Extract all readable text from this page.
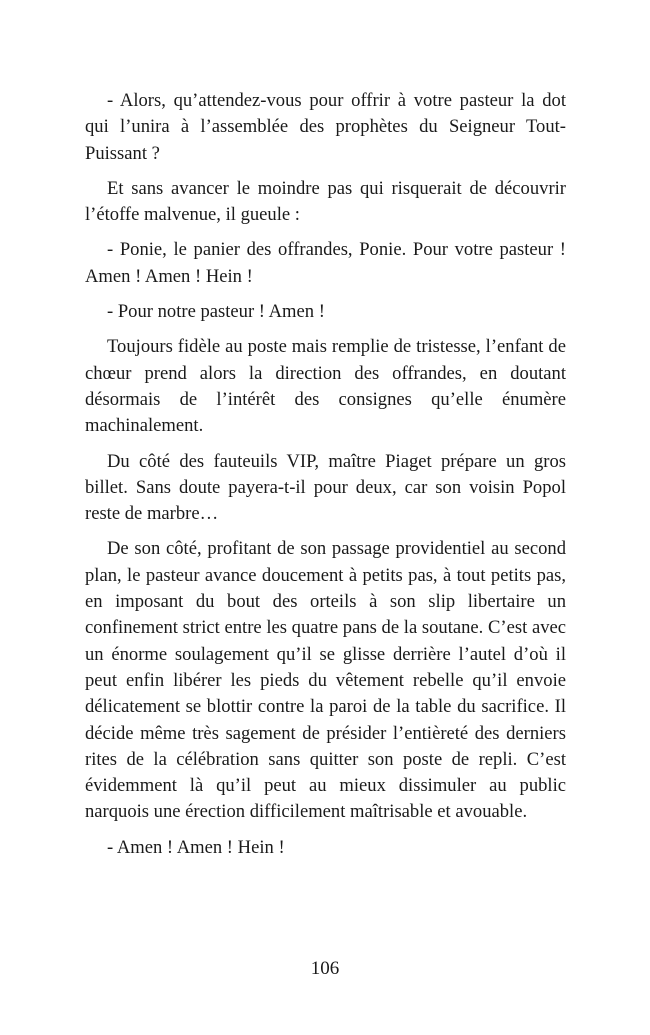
- Alors, qu’attendez-vous pour offrir à votre pasteur la dot qui l’unira à l’assemblée des prophètes du Seigneur Tout-Puissant ?

Et sans avancer le moindre pas qui risquerait de découvrir l’étoffe malvenue, il gueule :

- Ponie, le panier des offrandes, Ponie. Pour votre pasteur ! Amen ! Amen ! Hein !

- Pour notre pasteur ! Amen !

Toujours fidèle au poste mais remplie de tristesse, l’enfant de chœur prend alors la direction des offrandes, en doutant désormais de l’intérêt des consignes qu’elle énumère machinalement.

Du côté des fauteuils VIP, maître Piaget prépare un gros billet. Sans doute payera-t-il pour deux, car son voisin Popol reste de marbre…

De son côté, profitant de son passage providentiel au second plan, le pasteur avance doucement à petits pas, à tout petits pas, en imposant du bout des orteils à son slip libertaire un confinement strict entre les quatre pans de la soutane. C’est avec un énorme soulagement qu’il se glisse derrière l’autel d’où il peut enfin libérer les pieds du vêtement rebelle qu’il envoie délicatement se blottir contre la paroi de la table du sacrifice. Il décide même très sagement de présider l’entièreté des derniers rites de la célébration sans quitter son poste de repli. C’est évidemment là qu’il peut au mieux dissimuler au public narquois une érection difficilement maîtrisable et avouable.

- Amen ! Amen ! Hein !

106
